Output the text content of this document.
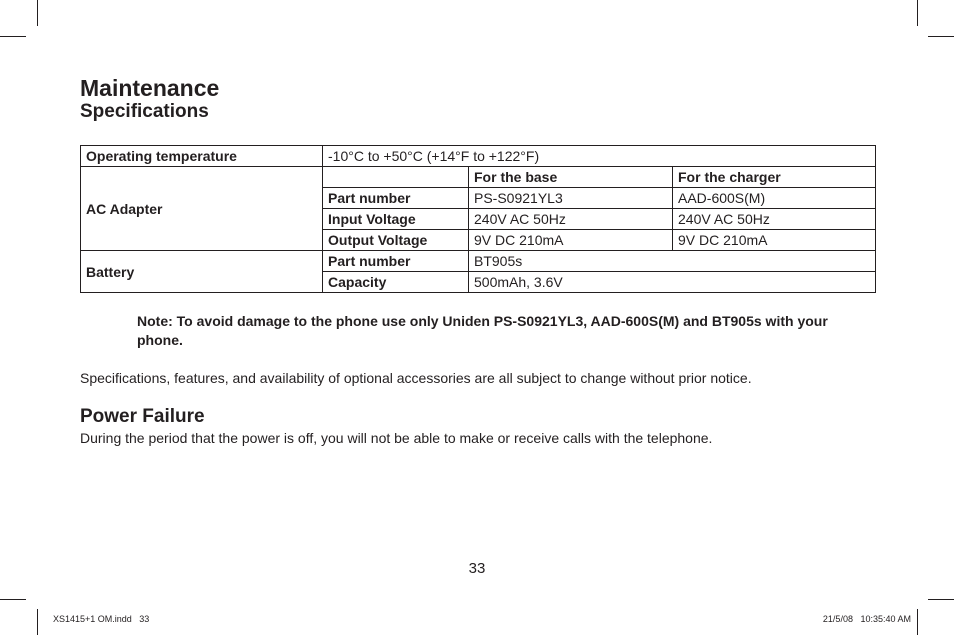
Maintenance
Specifications
Operating temperature	-10°C to +50°C (+14°F to +122°F)		
AC Adapter		For the base	For the charger
	Part number	PS-S0921YL3	AAD-600S(M)
	Input Voltage	240V AC 50Hz	240V AC 50Hz
	Output Voltage	9V DC 210mA	9V DC 210mA
Battery	Part number	BT905s	
	Capacity	500mAh, 3.6V	

Note: To avoid damage to the phone use only Uniden PS-S0921YL3, AAD-600S(M) and BT905s with your phone.

Specifications, features, and availability of optional accessories are all subject to change without prior notice.

Power Failure

During the period that the power is off, you will not be able to make or receive calls with the telephone.

33

XS1415+1 OM.indd   33	21/5/08   10:35:40 AM
